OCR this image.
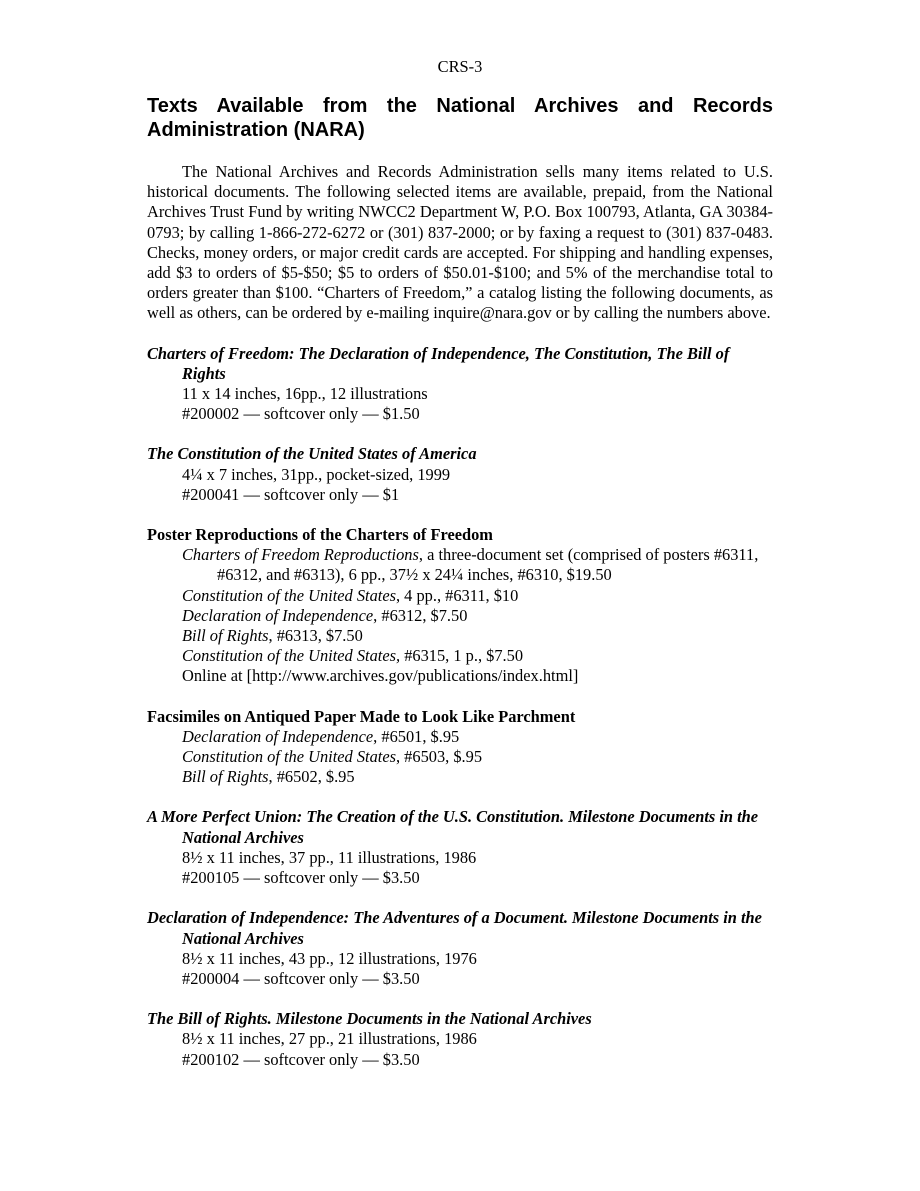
CRS-3
Texts Available from the National Archives and Records Administration (NARA)

The National Archives and Records Administration sells many items related to U.S. historical documents. The following selected items are available, prepaid, from the National Archives Trust Fund by writing NWCC2 Department W, P.O. Box 100793, Atlanta, GA 30384-0793; by calling 1-866-272-6272 or (301) 837-2000; or by faxing a request to (301) 837-0483. Checks, money orders, or major credit cards are accepted. For shipping and handling expenses, add $3 to orders of $5-$50; $5 to orders of $50.01-$100; and 5% of the merchandise total to orders greater than $100. “Charters of Freedom,” a catalog listing the following documents, as well as others, can be ordered by e-mailing inquire@nara.gov or by calling the numbers above.

Charters of Freedom: The Declaration of Independence, The Constitution, The Bill of Rights
11 x 14 inches, 16pp., 12 illustrations
#200002 — softcover only — $1.50
The Constitution of the United States of America
4¼ x 7 inches, 31pp., pocket-sized, 1999
#200041 — softcover only — $1
Poster Reproductions of the Charters of Freedom
Charters of Freedom Reproductions, a three-document set (comprised of posters #6311, #6312, and #6313), 6 pp., 37½ x 24¼ inches, #6310, $19.50
Constitution of the United States, 4 pp., #6311, $10
Declaration of Independence, #6312, $7.50
Bill of Rights, #6313, $7.50
Constitution of the United States, #6315, 1 p., $7.50
Online at [http://www.archives.gov/publications/index.html]
Facsimiles on Antiqued Paper Made to Look Like Parchment
Declaration of Independence, #6501, $.95
Constitution of the United States, #6503, $.95
Bill of Rights, #6502, $.95
A More Perfect Union: The Creation of the U.S. Constitution. Milestone Documents in the National Archives
8½ x 11 inches, 37 pp., 11 illustrations, 1986
#200105 — softcover only — $3.50
Declaration of Independence: The Adventures of a Document. Milestone Documents in the National Archives
8½ x 11 inches, 43 pp., 12 illustrations, 1976
#200004 — softcover only — $3.50
The Bill of Rights. Milestone Documents in the National Archives
8½ x 11 inches, 27 pp., 21 illustrations, 1986
#200102 — softcover only — $3.50
